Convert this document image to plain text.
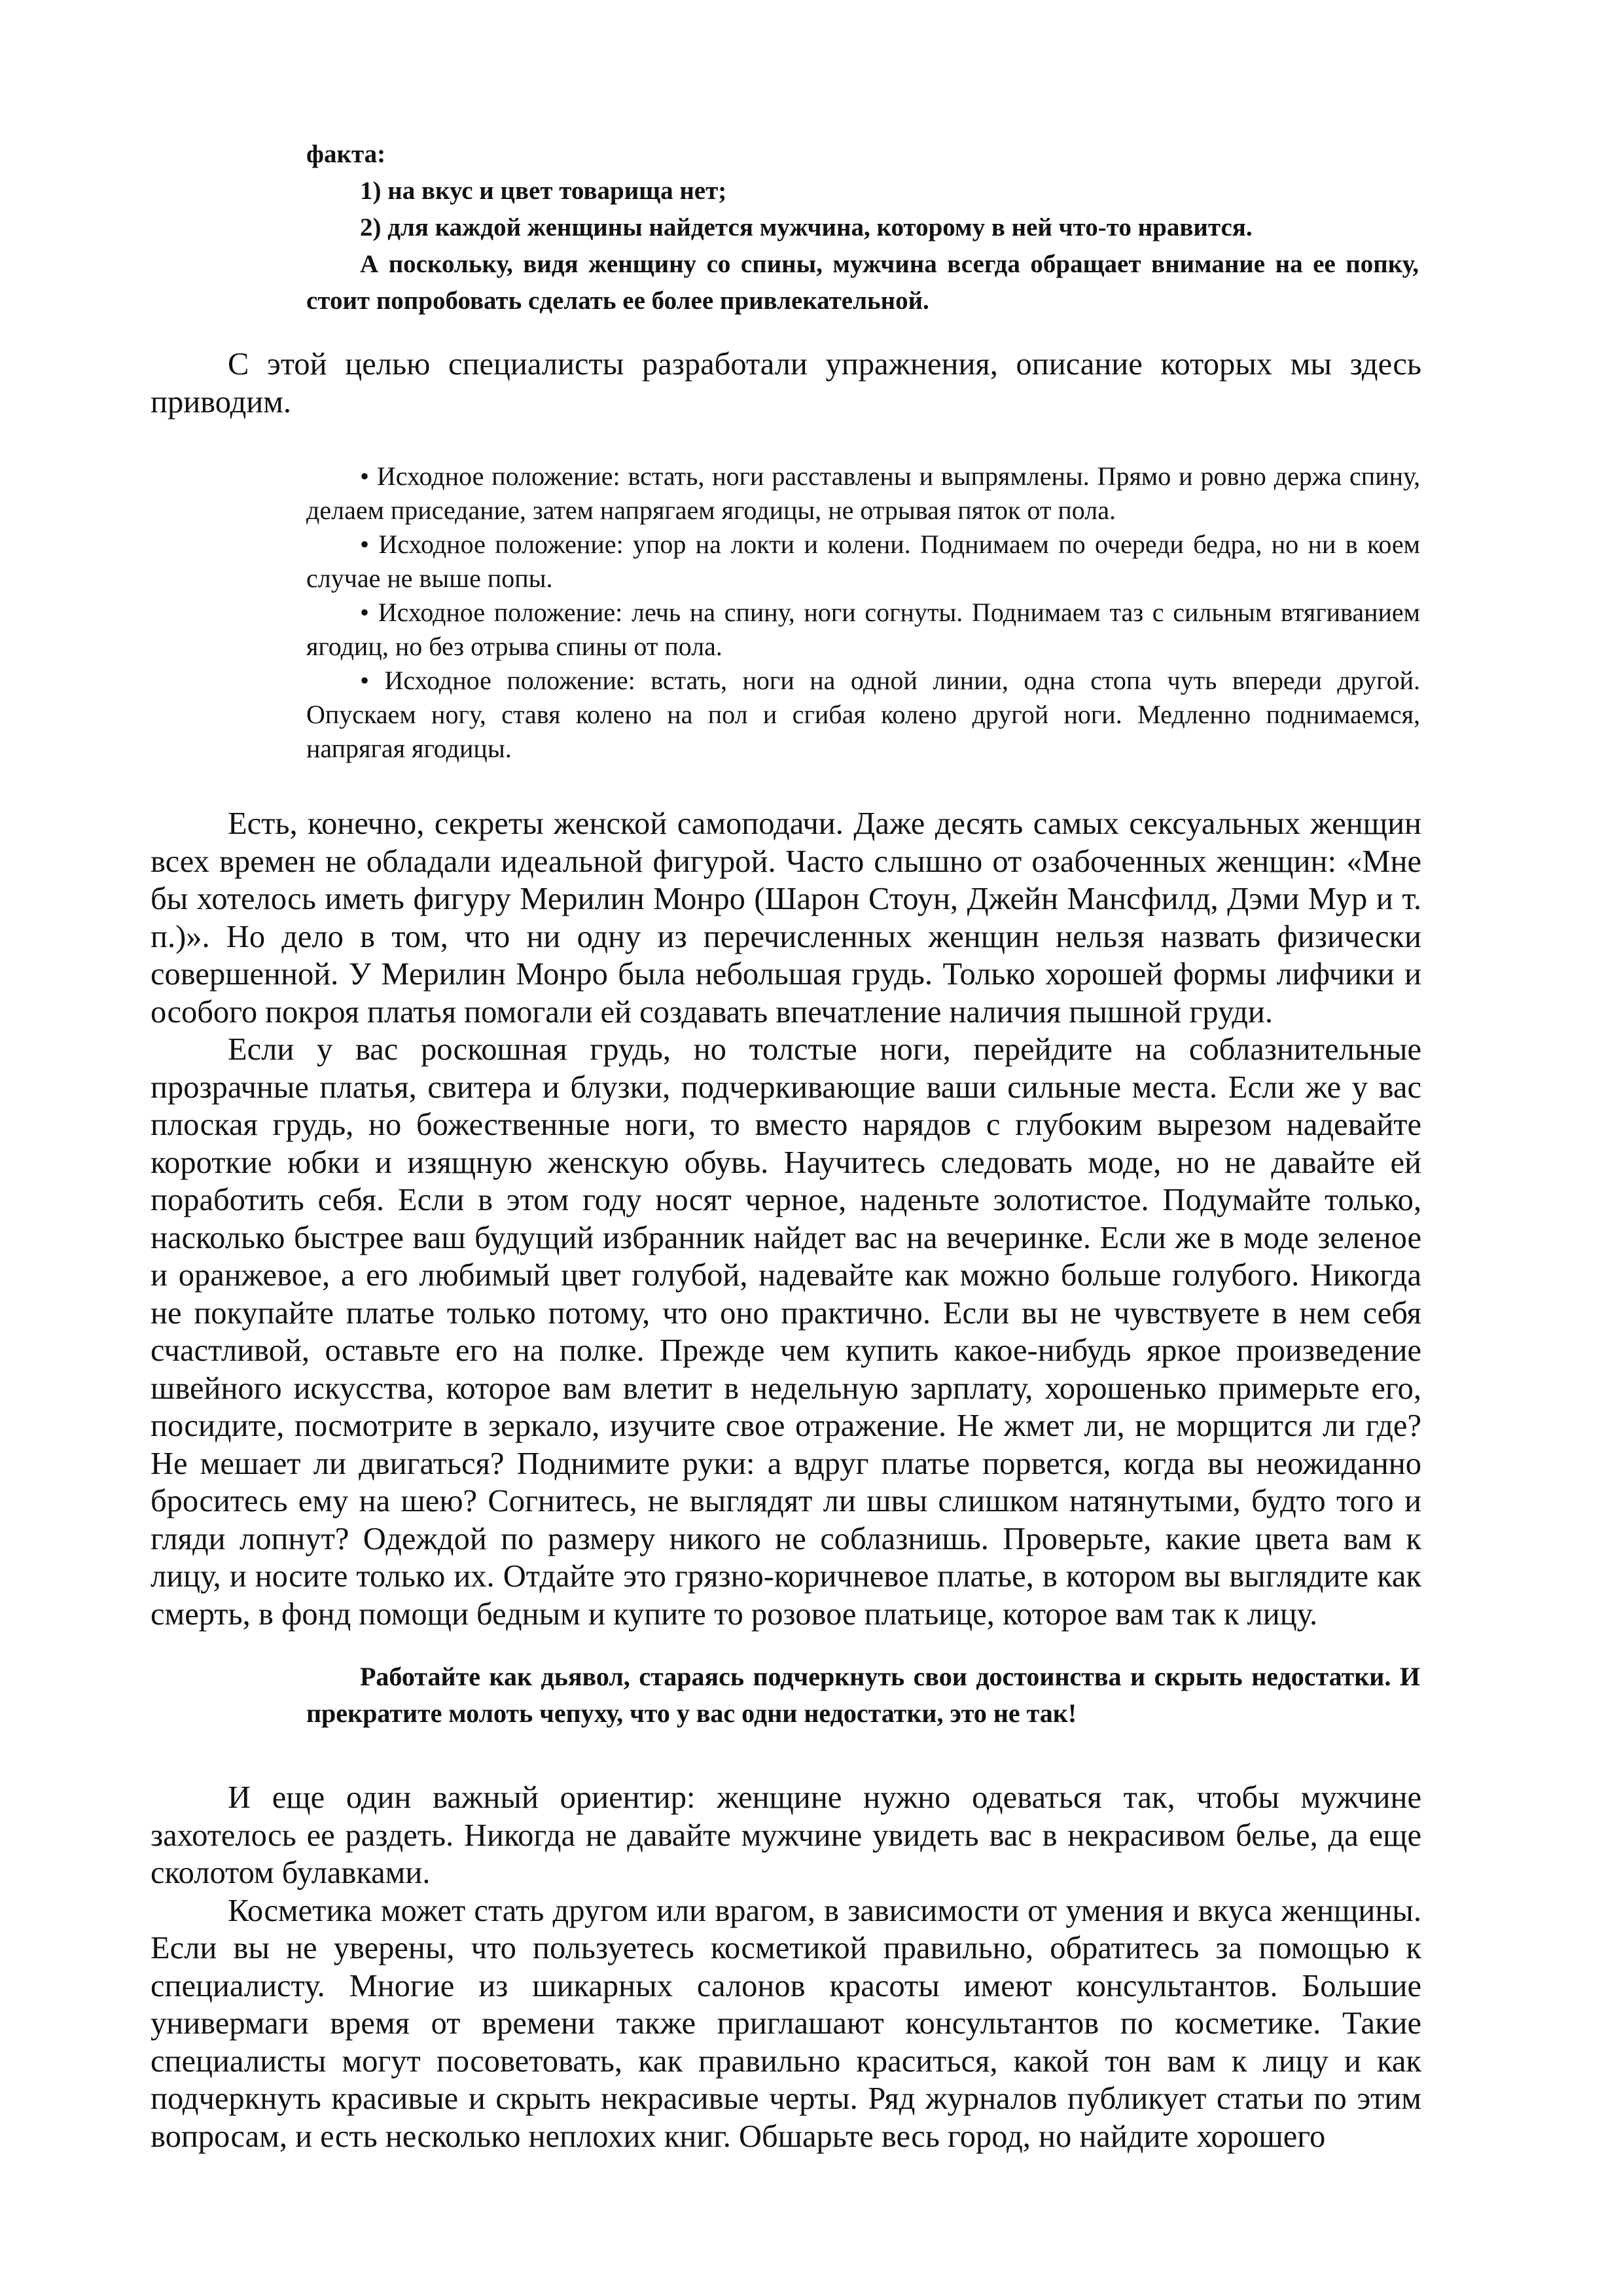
факта:

1) на вкус и цвет товарища нет;

2) для каждой женщины найдется мужчина, которому в ней что-то нравится.

А поскольку, видя женщину со спины, мужчина всегда обращает внимание на ее попку, стоит попробовать сделать ее более привлекательной.

С этой целью специалисты разработали упражнения, описание которых мы здесь приводим.

• Исходное положение: встать, ноги расставлены и выпрямлены. Прямо и ровно держа спину, делаем приседание, затем напрягаем ягодицы, не отрывая пяток от пола.

• Исходное положение: упор на локти и колени. Поднимаем по очереди бедра, но ни в коем случае не выше попы.

• Исходное положение: лечь на спину, ноги согнуты. Поднимаем таз с сильным втягиванием ягодиц, но без отрыва спины от пола.

• Исходное положение: встать, ноги на одной линии, одна стопа чуть впереди другой. Опускаем ногу, ставя колено на пол и сгибая колено другой ноги. Медленно поднимаемся, напрягая ягодицы.

Есть, конечно, секреты женской самоподачи. Даже десять самых сексуальных женщин всех времен не обладали идеальной фигурой. Часто слышно от озабоченных женщин: «Мне бы хотелось иметь фигуру Мерилин Монро (Шарон Стоун, Джейн Мансфилд, Дэми Мур и т. п.)». Но дело в том, что ни одну из перечисленных женщин нельзя назвать физически совершенной. У Мерилин Монро была небольшая грудь. Только хорошей формы лифчики и особого покроя платья помогали ей создавать впечатление наличия пышной груди.

Если у вас роскошная грудь, но толстые ноги, перейдите на соблазнительные прозрачные платья, свитера и блузки, подчеркивающие ваши сильные места. Если же у вас плоская грудь, но божественные ноги, то вместо нарядов с глубоким вырезом надевайте короткие юбки и изящную женскую обувь. Научитесь следовать моде, но не давайте ей поработить себя. Если в этом году носят черное, наденьте золотистое. Подумайте только, насколько быстрее ваш будущий избранник найдет вас на вечеринке. Если же в моде зеленое и оранжевое, а его любимый цвет голубой, надевайте как можно больше голубого. Никогда не покупайте платье только потому, что оно практично. Если вы не чувствуете в нем себя счастливой, оставьте его на полке. Прежде чем купить какое-нибудь яркое произведение швейного искусства, которое вам влетит в недельную зарплату, хорошенько примерьте его, посидите, посмотрите в зеркало, изучите свое отражение. Не жмет ли, не морщится ли где? Не мешает ли двигаться? Поднимите руки: а вдруг платье порвется, когда вы неожиданно броситесь ему на шею? Согнитесь, не выглядят ли швы слишком натянутыми, будто того и гляди лопнут? Одеждой по размеру никого не соблазнишь. Проверьте, какие цвета вам к лицу, и носите только их. Отдайте это грязно-коричневое платье, в котором вы выглядите как смерть, в фонд помощи бедным и купите то розовое платьице, которое вам так к лицу.

Работайте как дьявол, стараясь подчеркнуть свои достоинства и скрыть недостатки. И прекратите молоть чепуху, что у вас одни недостатки, это не так!

И еще один важный ориентир: женщине нужно одеваться так, чтобы мужчине захотелось ее раздеть. Никогда не давайте мужчине увидеть вас в некрасивом белье, да еще сколотом булавками.

Косметика может стать другом или врагом, в зависимости от умения и вкуса женщины. Если вы не уверены, что пользуетесь косметикой правильно, обратитесь за помощью к специалисту. Многие из шикарных салонов красоты имеют консультантов. Большие универмаги время от времени также приглашают консультантов по косметике. Такие специалисты могут посоветовать, как правильно краситься, какой тон вам к лицу и как подчеркнуть красивые и скрыть некрасивые черты. Ряд журналов публикует статьи по этим вопросам, и есть несколько неплохих книг. Обшарьте весь город, но найдите хорошего
